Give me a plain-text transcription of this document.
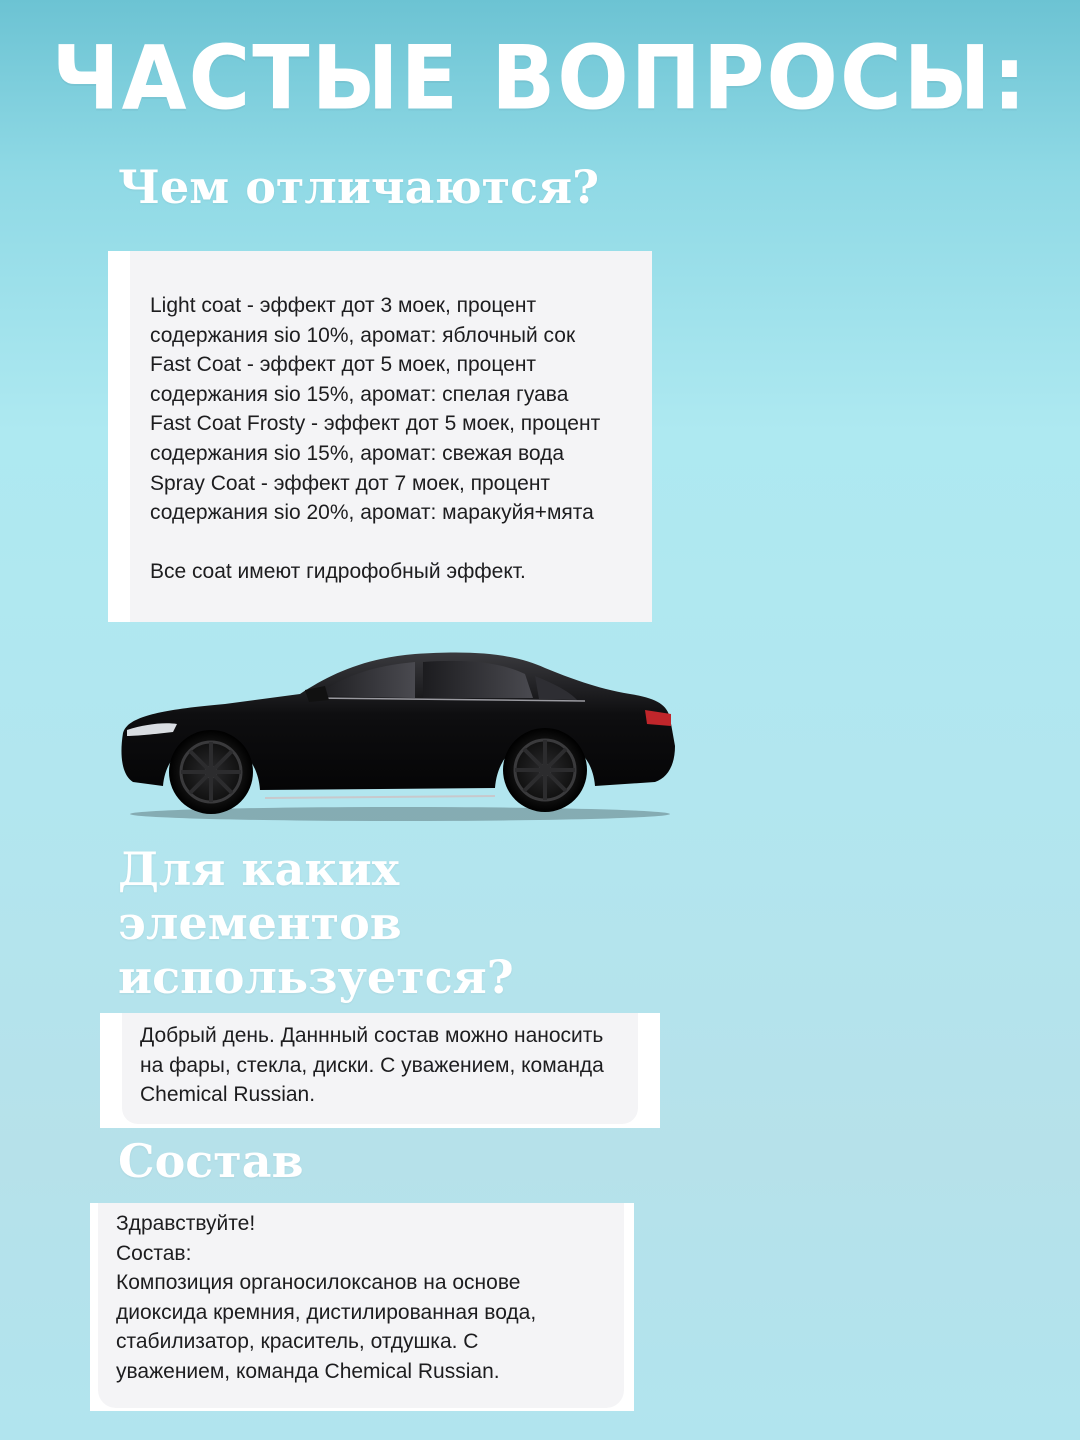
ЧАСТЫЕ ВОПРОСЫ:
Чем отличаются?
Light coat - эффект дот 3 моек, процент
содержания sio 10%, аромат: яблочный сок
Fast Coat - эффект дот 5 моек, процент
содержания sio 15%, аромат: спелая гуава
Fast Coat Frosty - эффект дот 5 моек, процент
содержания sio 15%, аромат: свежая вода
Spray Coat - эффект дот 7 моек, процент
содержания sio 20%, аромат: маракуйя+мята

Все coat имеют гидрофобный эффект.
Для каких элементов используется?
Добрый день. Даннный состав можно наносить
на фары, стекла, диски. С уважением, команда
Chemical Russian.
Состав
Здравствуйте!
Состав:
Композиция органосилоксанов на основе
диоксида кремния, дистилированная вода,
стабилизатор, краситель, отдушка. С
уважением, команда Chemical Russian.
